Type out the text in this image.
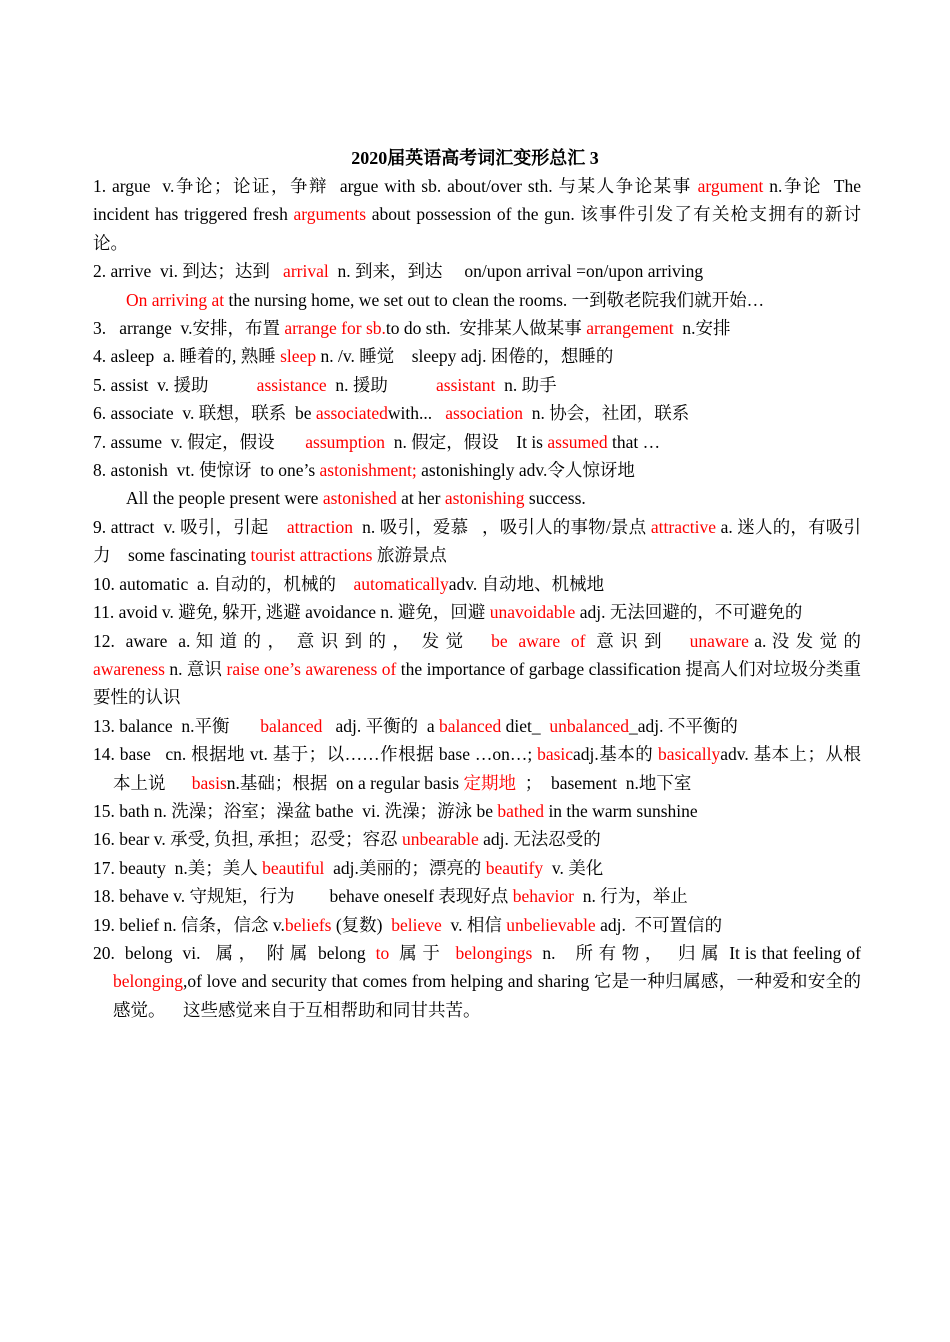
2020届英语高考词汇变形总汇 3

1. argue  v.争论；论证，争辩  argue with sb. about/over sth. 与某人争论某事 argument n.争论  The incident has triggered fresh arguments about possession of the gun. 该事件引发了有关枪支拥有的新讨论。

2. arrive  vi. 到达；达到   arrival  n. 到来，到达     on/upon arrival =on/upon arriving

On arriving at the nursing home, we set out to clean the rooms. 一到敬老院我们就开始…

3.   arrange  v.安排，布置 arrange for sb.to do sth.  安排某人做某事 arrangement  n.安排

4. asleep  a. 睡着的, 熟睡 sleep n. /v. 睡觉    sleepy adj. 困倦的，想睡的

5. assist  v. 援助           assistance  n. 援助           assistant  n. 助手

6. associate  v. 联想，联系  be associatedwith...   association  n. 协会，社团，联系

7. assume  v. 假定，假设       assumption  n. 假定，假设    It is assumed that …

8. astonish  vt. 使惊讶  to one’s astonishment; astonishingly adv.令人惊讶地

All the people present were astonished at her astonishing success.

9. attract  v. 吸引，引起    attraction  n. 吸引，爱慕   ，吸引人的事物/景点 attractive a. 迷人的，有吸引力    some fascinating tourist attractions 旅游景点

10. automatic  a. 自动的，机械的    automaticallyadv. 自动地、机械地

11. avoid v. 避免, 躲开, 逃避 avoidance n. 避免，回避 unavoidable adj. 无法回避的，不可避免的

12.  aware  a. 知 道 的 ，  意 识 到 的 ，  发 觉     be  aware  of  意 识 到     unaware a. 没 发 觉 的       awareness n. 意识 raise one’s awareness of the importance of garbage classification 提高人们对垃圾分类重要性的认识

13. balance  n.平衡       balanced   adj. 平衡的  a balanced diet_  unbalanced_adj. 不平衡的

14. base   cn. 根据地 vt. 基于；以……作根据 base …on…; basicadj.基本的 basicallyadv. 基本上；从根本上说      basisn.基础；根据  on a regular basis 定期地  ；  basement  n.地下室

15. bath n. 洗澡；浴室；澡盆 bathe  vi. 洗澡；游泳 be bathed in the warm sunshine

16. bear v. 承受, 负担, 承担；忍受；容忍 unbearable adj. 无法忍受的

17. beauty  n.美；美人 beautiful  adj.美丽的；漂亮的 beautify  v. 美化

18. behave v. 守规矩，行为        behave oneself 表现好点 behavior  n. 行为，举止

19. belief n. 信条，信念 v.beliefs (复数)  believe  v. 相信 unbelievable adj.  不可置信的

20.  belong  vi.   属 ，  附 属  belong  to  属 于   belongings  n.    所 有 物 ，   归 属  It is that feeling of belonging,of love and security that comes from helping and sharing 它是一种归属感，一种爱和安全的感觉。    这些感觉来自于互相帮助和同甘共苦。
